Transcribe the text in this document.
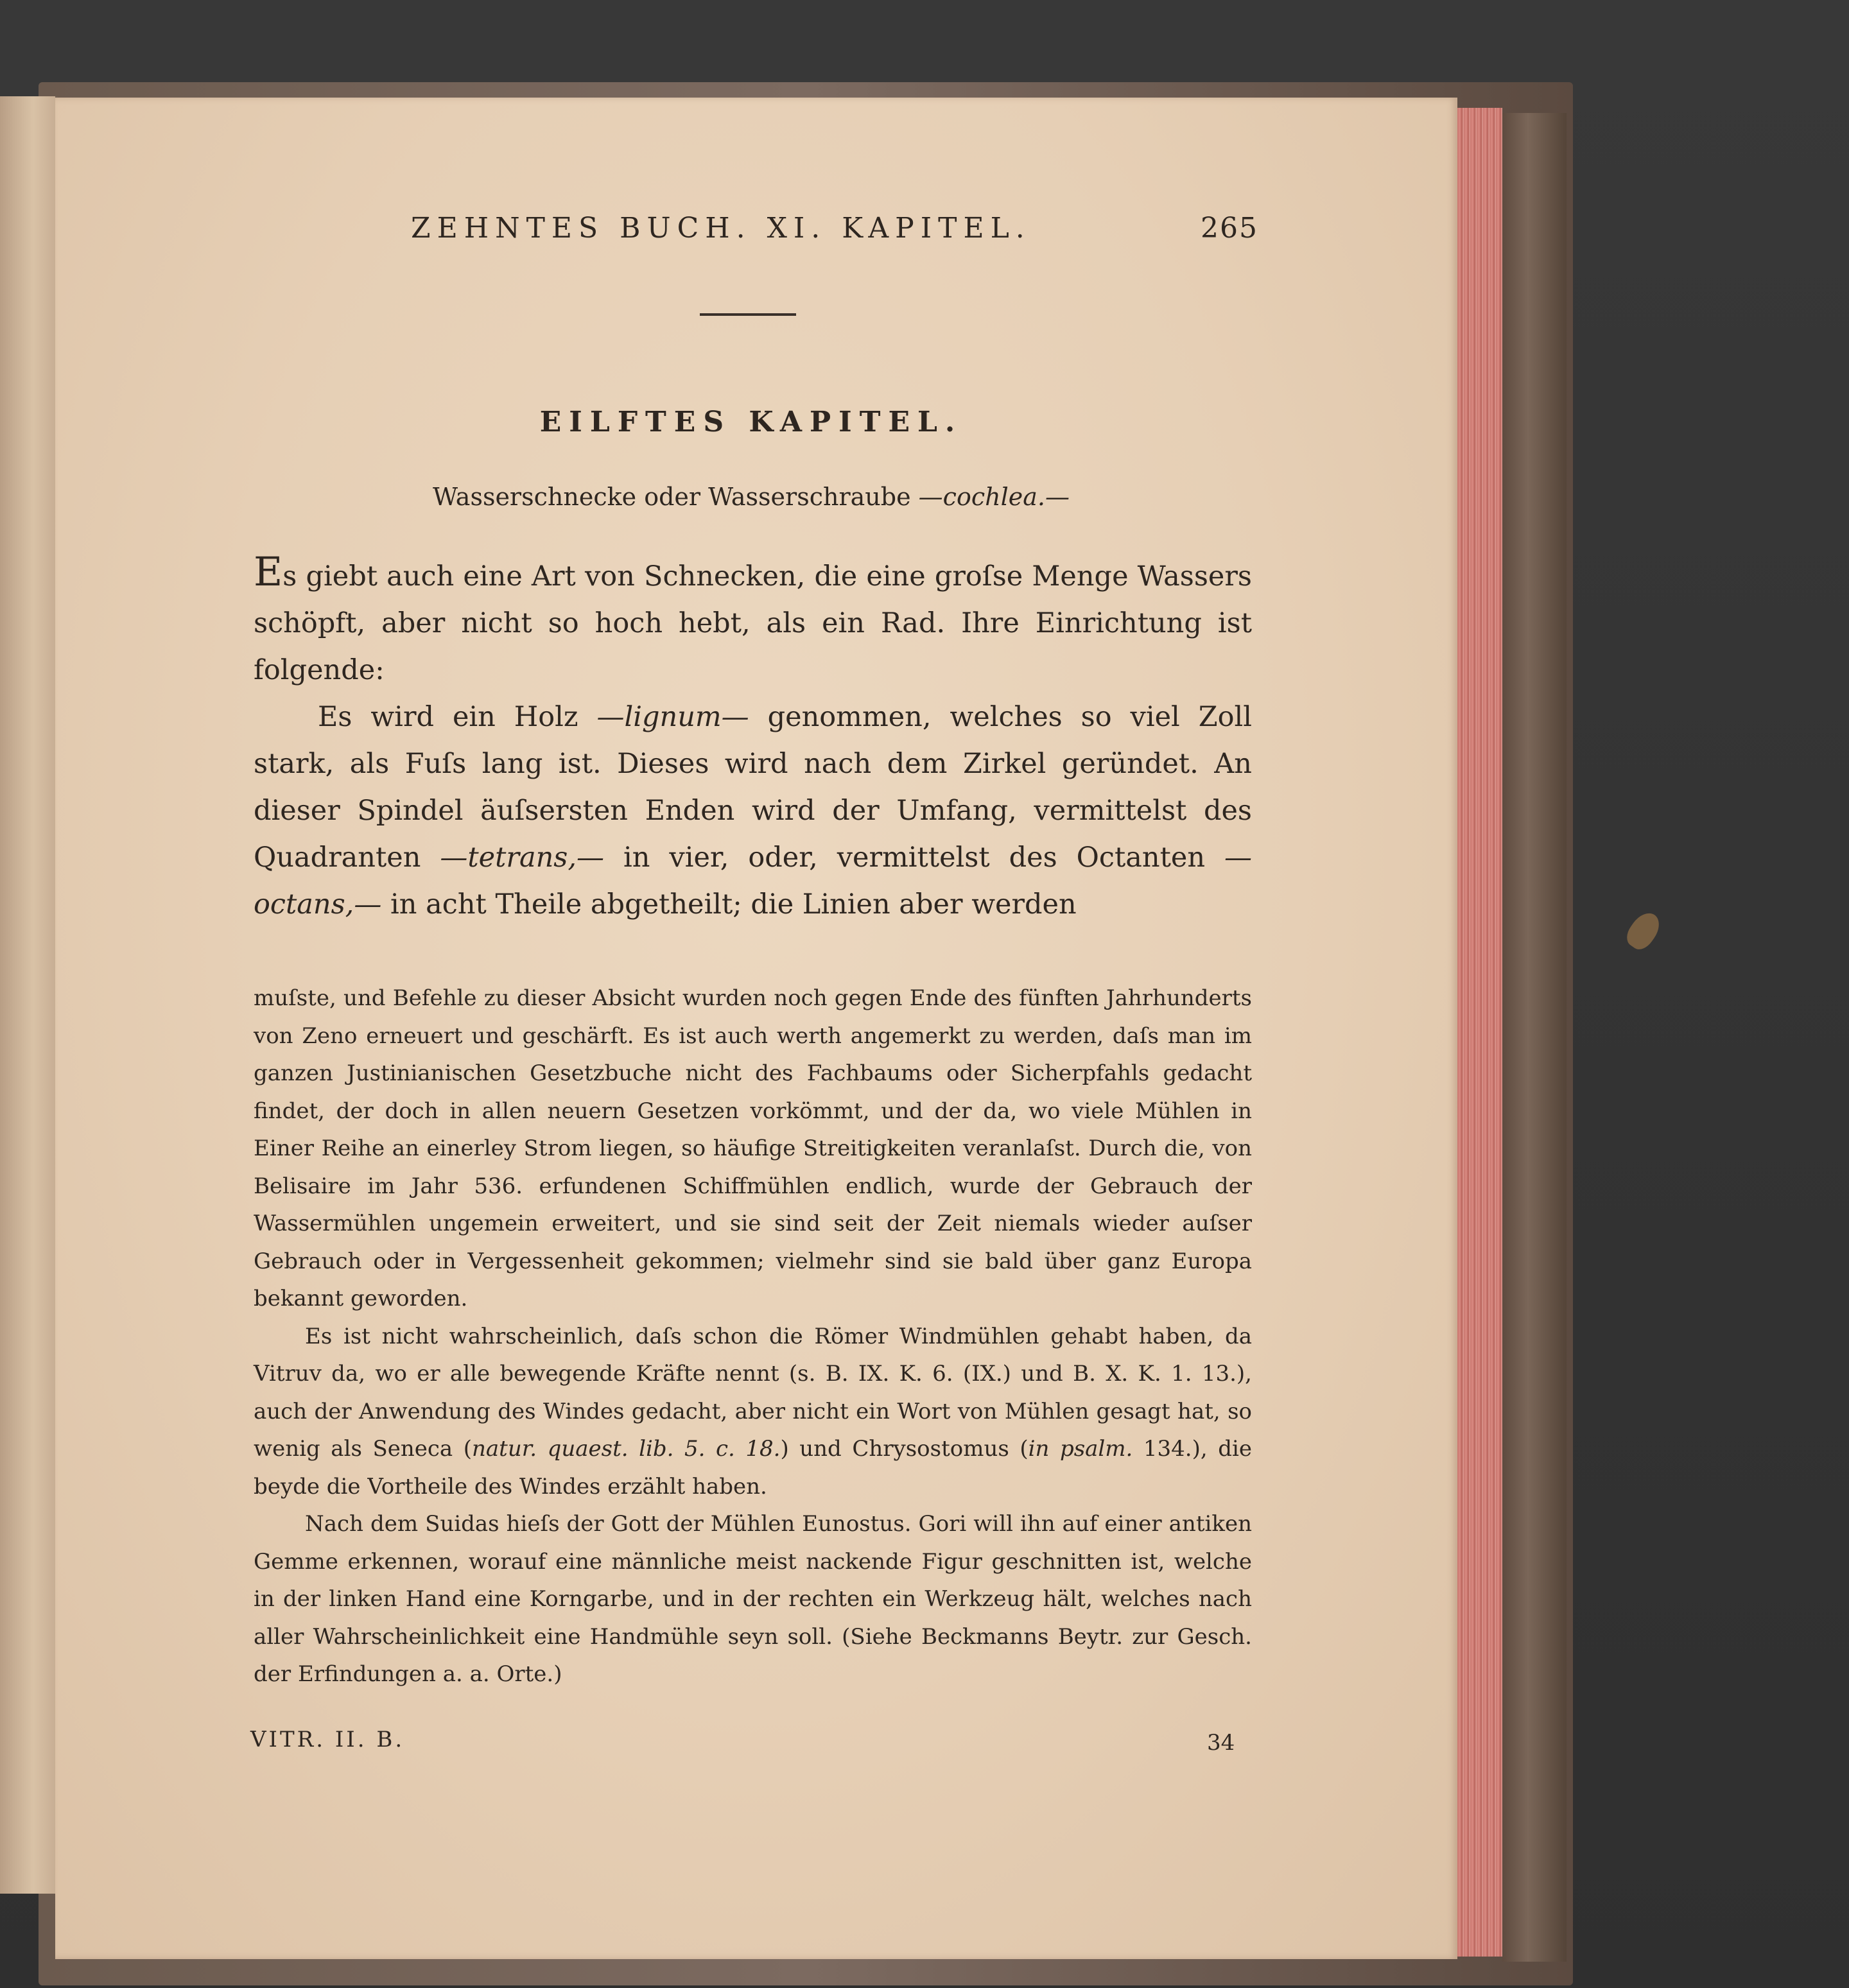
ZEHNTES BUCH. XI. KAPITEL.	265
EILFTES KAPITEL.
Wasserschnecke oder Wasserschraube —cochlea.—

Es giebt auch eine Art von Schnecken, die eine groſse Menge Wassers schöpft, aber nicht so hoch hebt, als ein Rad. Ihre Einrichtung ist folgende:

Es wird ein Holz —lignum— genommen, welches so viel Zoll stark, als Fuſs lang ist. Dieses wird nach dem Zirkel geründet. An dieser Spindel äuſsersten Enden wird der Umfang, vermittelst des Quadranten —tetrans,— in vier, oder, vermittelst des Octanten —octans,— in acht Theile abgetheilt; die Linien aber werden

muſste, und Befehle zu dieser Absicht wurden noch gegen Ende des fünften Jahrhunderts von Zeno erneuert und geschärft. Es ist auch werth angemerkt zu werden, daſs man im ganzen Justinianischen Gesetzbuche nicht des Fachbaums oder Sicherpfahls gedacht findet, der doch in allen neuern Gesetzen vorkömmt, und der da, wo viele Mühlen in Einer Reihe an einerley Strom liegen, so häufige Streitigkeiten veranlaſst. Durch die, von Belisaire im Jahr 536. erfundenen Schiffmühlen endlich, wurde der Gebrauch der Wassermühlen ungemein erweitert, und sie sind seit der Zeit niemals wieder auſser Gebrauch oder in Vergessenheit gekommen; vielmehr sind sie bald über ganz Europa bekannt geworden.

Es ist nicht wahrscheinlich, daſs schon die Römer Windmühlen gehabt haben, da Vitruv da, wo er alle bewegende Kräfte nennt (s. B. IX. K. 6. (IX.) und B. X. K. 1. 13.), auch der Anwendung des Windes gedacht, aber nicht ein Wort von Mühlen gesagt hat, so wenig als Seneca (natur. quaest. lib. 5. c. 18.) und Chrysostomus (in psalm. 134.), die beyde die Vortheile des Windes erzählt haben.

Nach dem Suidas hieſs der Gott der Mühlen Eunostus. Gori will ihn auf einer antiken Gemme erkennen, worauf eine männliche meist nackende Figur geschnitten ist, welche in der linken Hand eine Korngarbe, und in der rechten ein Werkzeug hält, welches nach aller Wahrscheinlichkeit eine Handmühle seyn soll. (Siehe Beckmanns Beytr. zur Gesch. der Erfindungen a. a. Orte.)

VITR. II. B.	34
